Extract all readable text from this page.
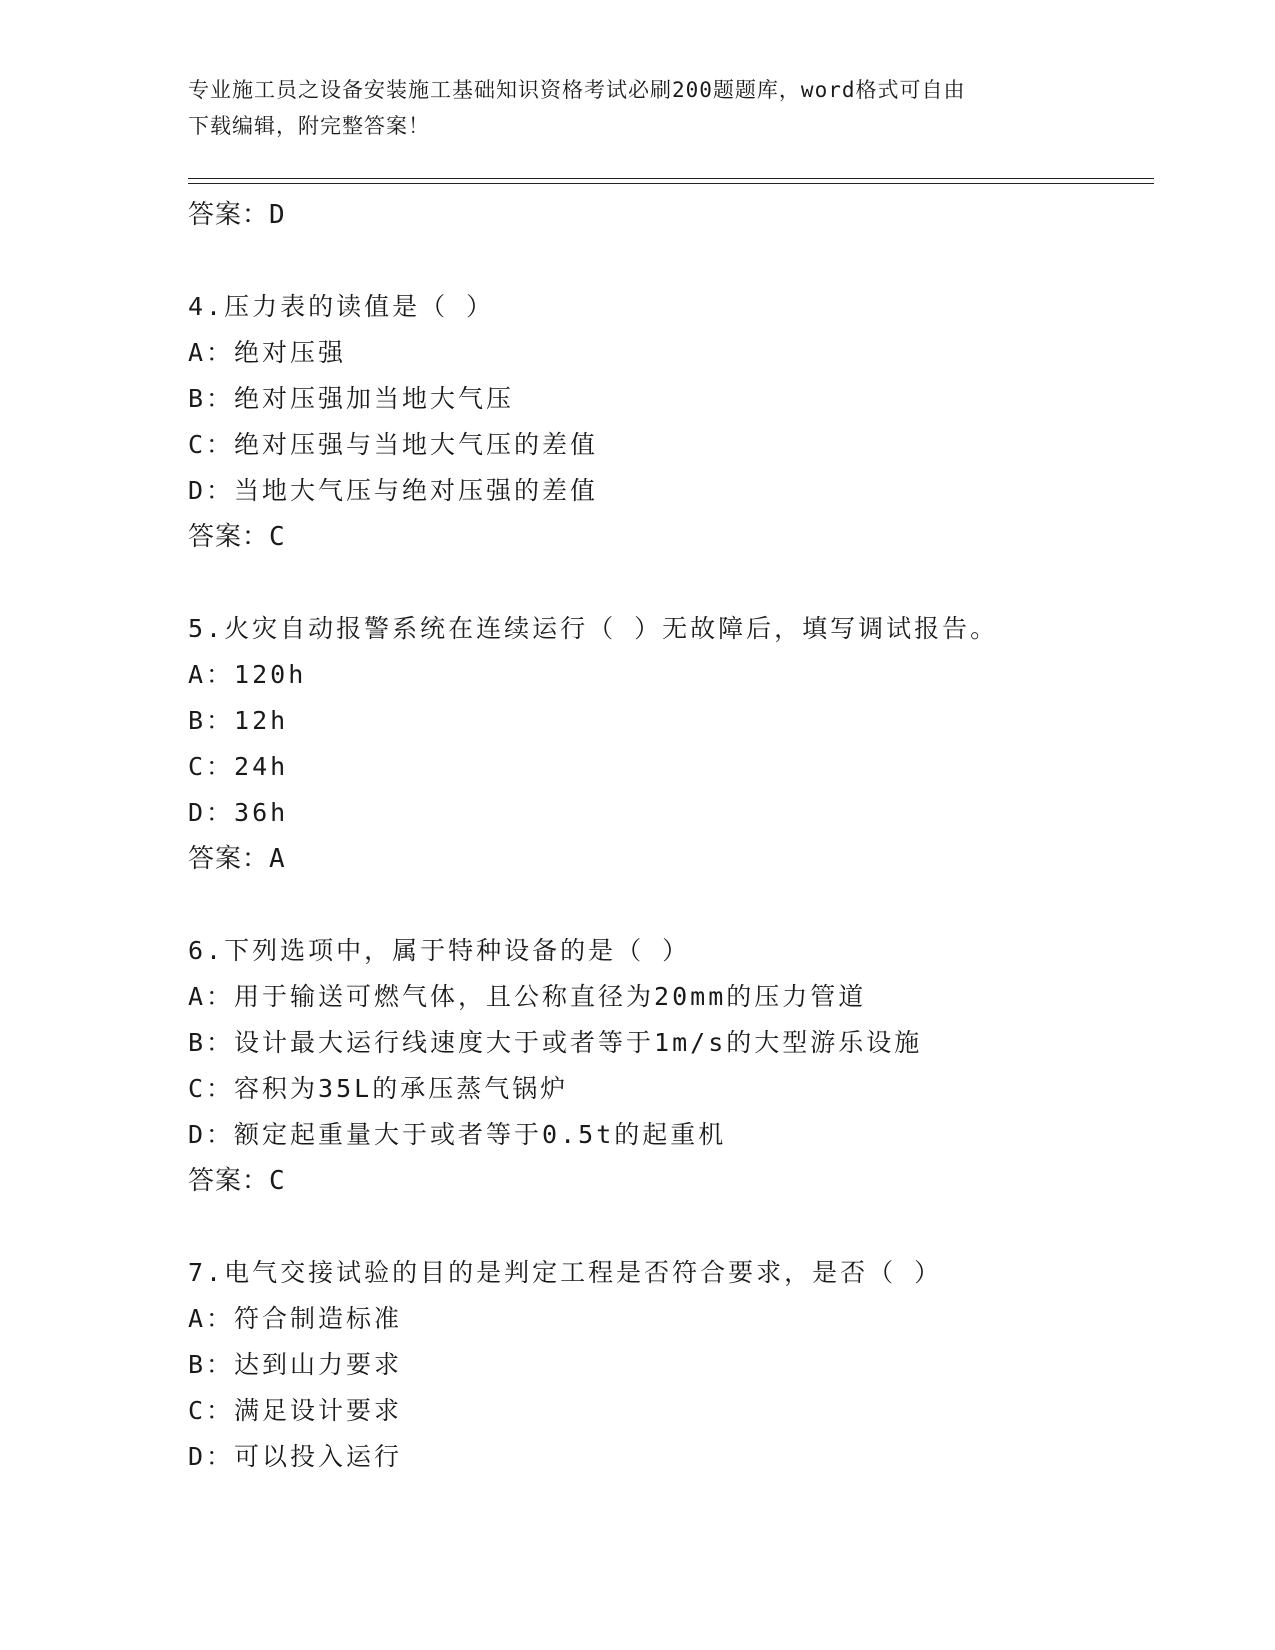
专业施工员之设备安装施工基础知识资格考试必刷200题题库，word格式可自由
下载编辑，附完整答案！
答案：D
4.压力表的读值是（ ）
A：绝对压强
B：绝对压强加当地大气压
C：绝对压强与当地大气压的差值
D：当地大气压与绝对压强的差值
答案：C
5.火灾自动报警系统在连续运行（ ）无故障后，填写调试报告。
A：120h
B：12h
C：24h
D：36h
答案：A
6.下列选项中，属于特种设备的是（ ）
A：用于输送可燃气体，且公称直径为20mm的压力管道
B：设计最大运行线速度大于或者等于1m/s的大型游乐设施
C：容积为35L的承压蒸气锅炉
D：额定起重量大于或者等于0.5t的起重机
答案：C
7.电气交接试验的目的是判定工程是否符合要求，是否（ ）
A：符合制造标准
B：达到山力要求
C：满足设计要求
D：可以投入运行
